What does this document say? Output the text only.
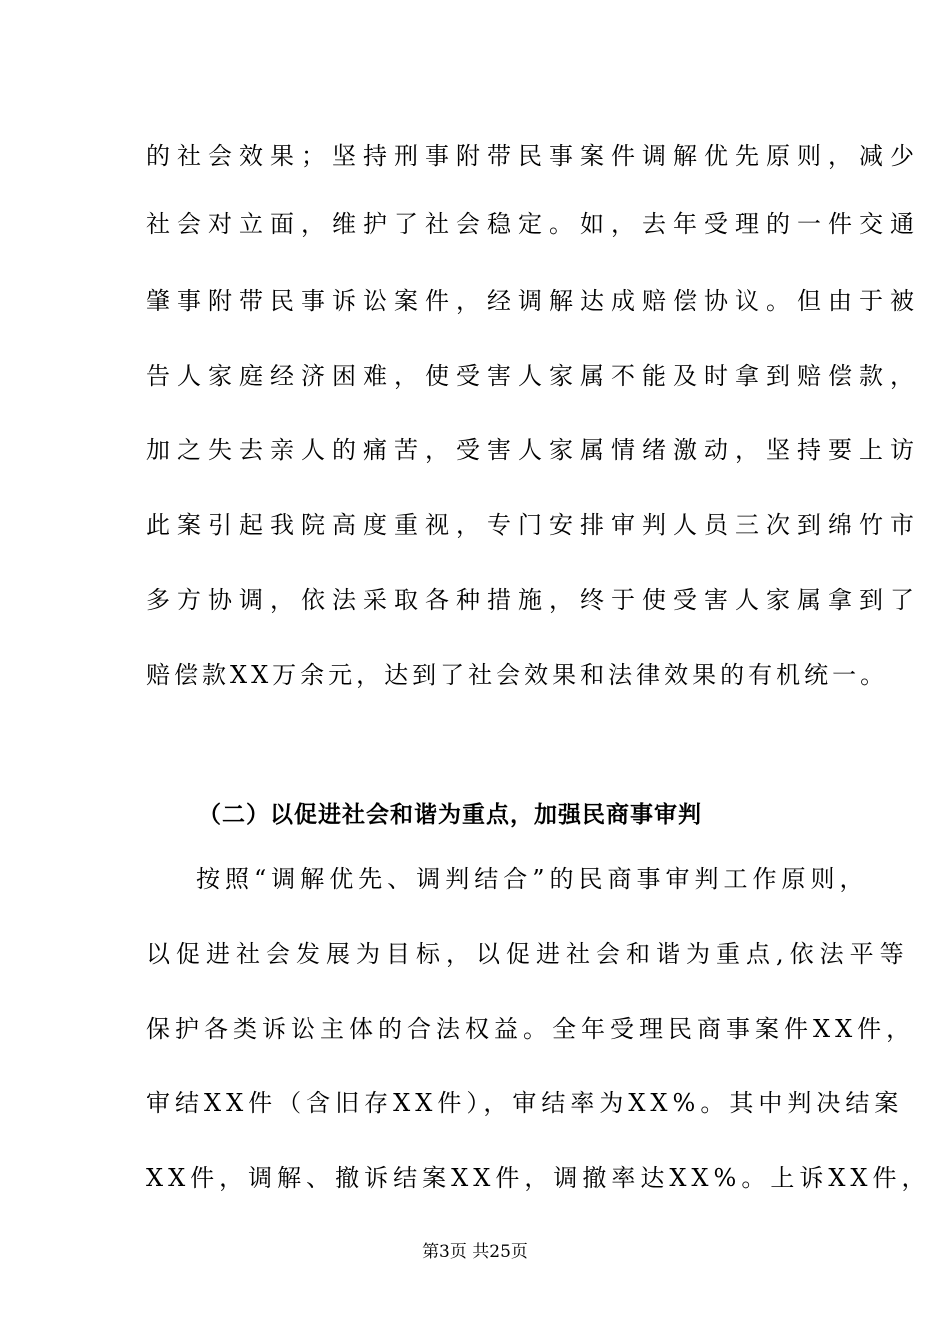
的社会效果；坚持刑事附带民事案件调解优先原则，减少
社会对立面，维护了社会稳定。如，去年受理的一件交通
肇事附带民事诉讼案件，经调解达成赔偿协议。但由于被
告人家庭经济困难，使受害人家属不能及时拿到赔偿款，
加之失去亲人的痛苦，受害人家属情绪激动，坚持要上访
此案引起我院高度重视，专门安排审判人员三次到绵竹市
多方协调，依法采取各种措施，终于使受害人家属拿到了
赔偿款XX万余元，达到了社会效果和法律效果的有机统一。
（二）以促进社会和谐为重点，加强民商事审判
按照“调解优先、调判结合”的民商事审判工作原则，
以促进社会发展为目标，以促进社会和谐为重点,依法平等
保护各类诉讼主体的合法权益。全年受理民商事案件XX件，
审结XX件（含旧存XX件），审结率为XX%。其中判决结案
XX件，调解、撤诉结案XX件，调撤率达XX%。上诉XX件，
第3页 共25页
